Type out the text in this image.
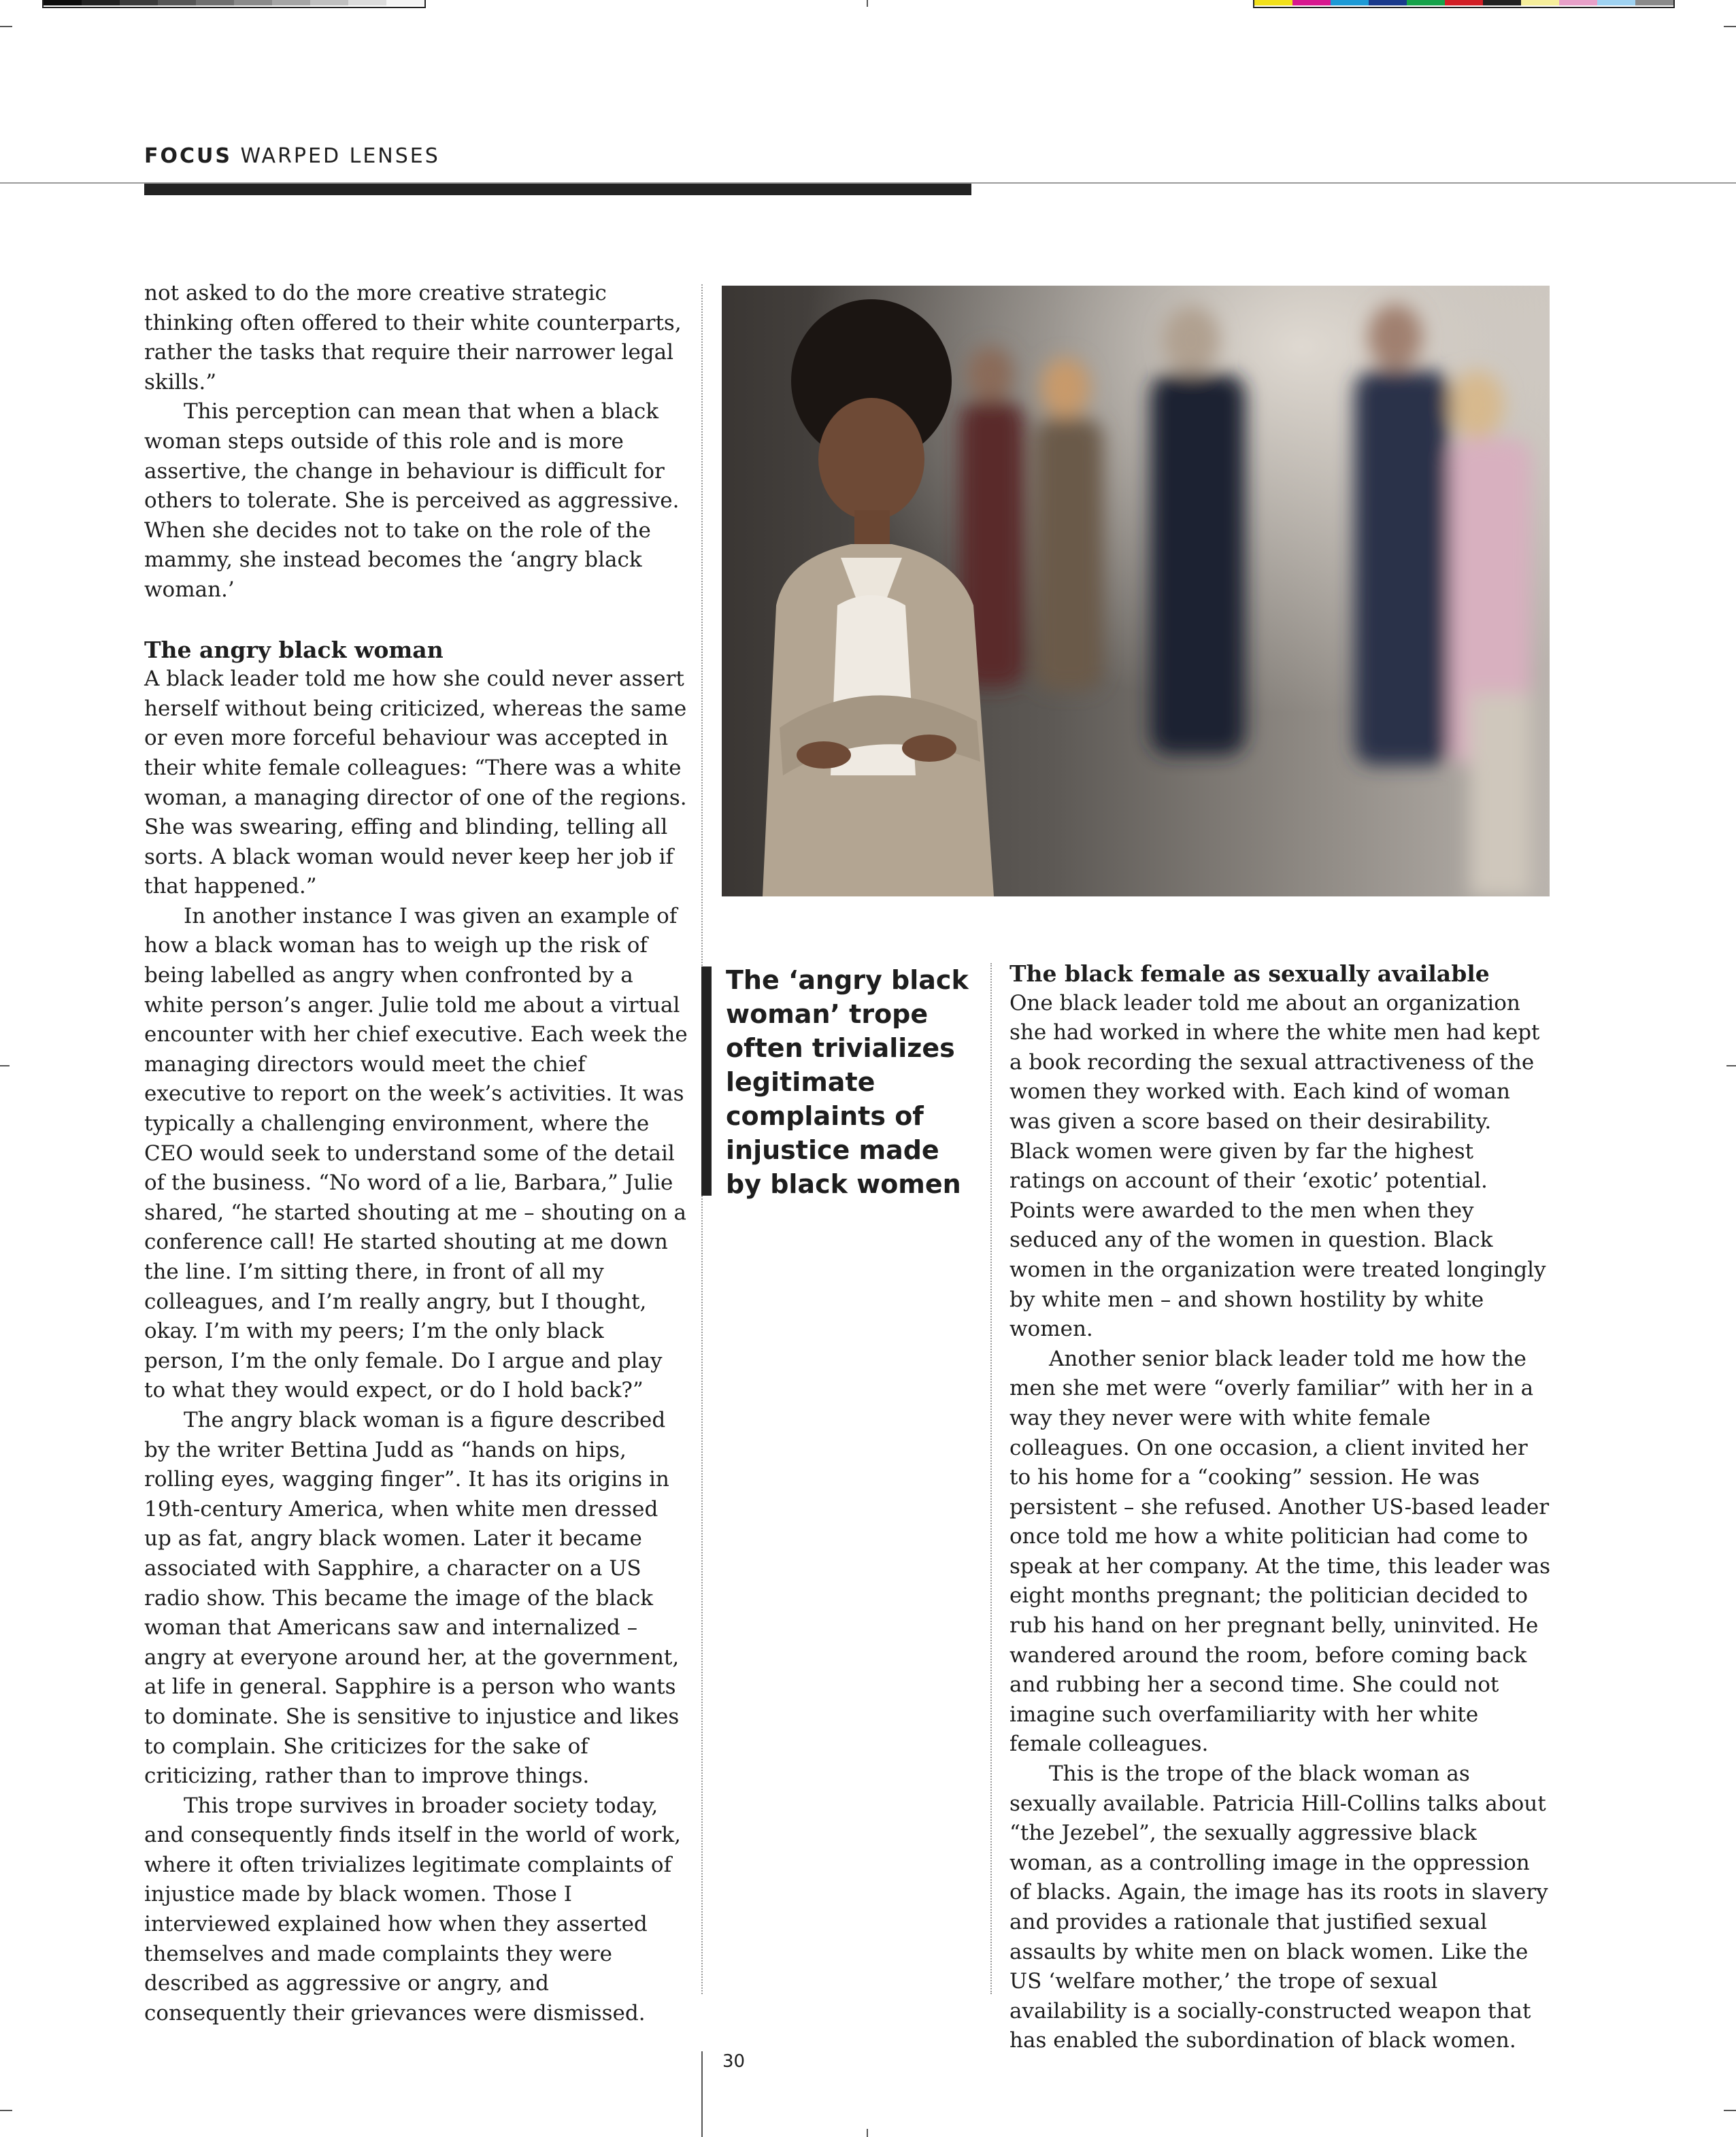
FOCUS WARPED LENSES

not asked to do the more creative strategic thinking often offered to their white counterparts, rather the tasks that require their narrower legal skills.”

This perception can mean that when a black woman steps outside of this role and is more assertive, the change in behaviour is difficult for others to tolerate. She is perceived as aggressive. When she decides not to take on the role of the mammy, she instead becomes the ‘angry black woman.’

The angry black woman

A black leader told me how she could never assert herself without being criticized, whereas the same or even more forceful behaviour was accepted in their white female colleagues: “There was a white woman, a managing director of one of the regions. She was swearing, effing and blinding, telling all sorts. A black woman would never keep her job if that happened.”

In another instance I was given an example of how a black woman has to weigh up the risk of being labelled as angry when confronted by a white person’s anger. Julie told me about a virtual encounter with her chief executive. Each week the managing directors would meet the chief executive to report on the week’s activities. It was typically a challenging environment, where the CEO would seek to understand some of the detail of the business. “No word of a lie, Barbara,” Julie shared, “he started shouting at me – shouting on a conference call! He started shouting at me down the line. I’m sitting there, in front of all my colleagues, and I’m really angry, but I thought, okay. I’m with my peers; I’m the only black person, I’m the only female. Do I argue and play to what they would expect, or do I hold back?”

The angry black woman is a figure described by the writer Bettina Judd as “hands on hips, rolling eyes, wagging finger”. It has its origins in 19th-century America, when white men dressed up as fat, angry black women. Later it became associated with Sapphire, a character on a US radio show. This became the image of the black woman that Americans saw and internalized – angry at everyone around her, at the government, at life in general. Sapphire is a person who wants to dominate. She is sensitive to injustice and likes to complain. She criticizes for the sake of criticizing, rather than to improve things.

This trope survives in broader society today, and consequently finds itself in the world of work, where it often trivializes legitimate complaints of injustice made by black women. Those I interviewed explained how when they asserted themselves and made complaints they were described as aggressive or angry, and consequently their grievances were dismissed.

The ‘angry black woman’ trope often trivializes legitimate complaints of injustice made by black women
The black female as sexually available

One black leader told me about an organization she had worked in where the white men had kept a book recording the sexual attractiveness of the women they worked with. Each kind of woman was given a score based on their desirability. Black women were given by far the highest ratings on account of their ‘exotic’ potential. Points were awarded to the men when they seduced any of the women in question. Black women in the organization were treated longingly by white men – and shown hostility by white women.

Another senior black leader told me how the men she met were “overly familiar” with her in a way they never were with white female colleagues. On one occasion, a client invited her to his home for a “cooking” session. He was persistent – she refused. Another US-based leader once told me how a white politician had come to speak at her company. At the time, this leader was eight months pregnant; the politician decided to rub his hand on her pregnant belly, uninvited. He wandered around the room, before coming back and rubbing her a second time. She could not imagine such overfamiliarity with her white female colleagues.

This is the trope of the black woman as sexually available. Patricia Hill-Collins talks about “the Jezebel”, the sexually aggressive black woman, as a controlling image in the oppression of blacks. Again, the image has its roots in slavery and provides a rationale that justified sexual assaults by white men on black women. Like the US ‘welfare mother,’ the trope of sexual availability is a socially-constructed weapon that has enabled the subordination of black women.

30
